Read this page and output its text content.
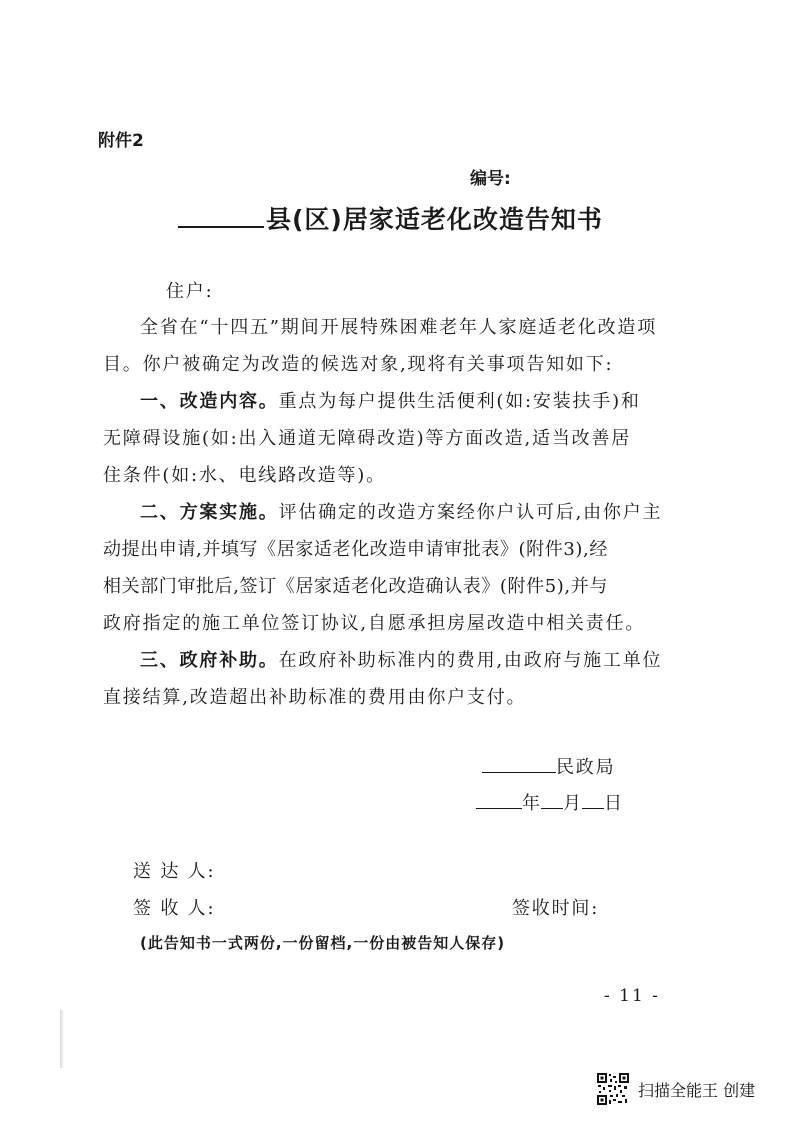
附件2
编号:
县(区)居家适老化改造告知书
住户:
全省在“十四五”期间开展特殊困难老年人家庭适老化改造项
目。你户被确定为改造的候选对象,现将有关事项告知如下:
一、改造内容。重点为每户提供生活便利(如:安装扶手)和
无障碍设施(如:出入通道无障碍改造)等方面改造,适当改善居
住条件(如:水、电线路改造等)。
二、方案实施。评估确定的改造方案经你户认可后,由你户主
动提出申请,并填写《居家适老化改造申请审批表》(附件3),经
相关部门审批后,签订《居家适老化改造确认表》(附件5),并与
政府指定的施工单位签订协议,自愿承担房屋改造中相关责任。
三、政府补助。在政府补助标准内的费用,由政府与施工单位
直接结算,改造超出补助标准的费用由你户支付。
民政局
年 月 日
送 达 人:
签 收 人:	签收时间:
(此告知书一式两份,一份留档,一份由被告知人保存)
- 11 -
扫描全能王 创建
